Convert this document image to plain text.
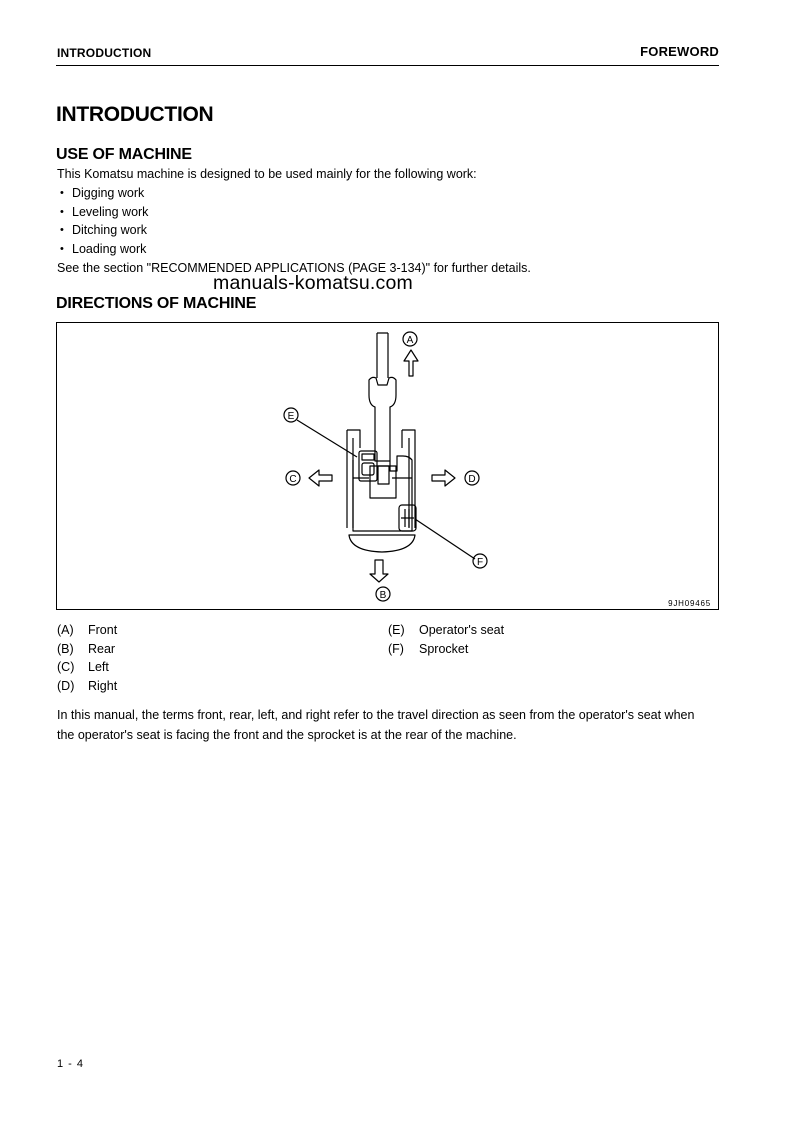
INTRODUCTION	FOREWORD
INTRODUCTION
USE OF MACHINE
This Komatsu machine is designed to be used mainly for the following work:
• Digging work
• Leveling work
• Ditching work
• Loading work
See the section "RECOMMENDED APPLICATIONS (PAGE 3-134)" for further details.
manuals-komatsu.com
DIRECTIONS OF MACHINE
A
B
C	D
E
F
9JH09465
(A)	Front
(B)	Rear
(C)	Left
(D)	Right
(E)	Operator's seat
(F)	Sprocket
In this manual, the terms front, rear, left, and right refer to the travel direction as seen from the operator's seat when
the operator's seat is facing the front and the sprocket is at the rear of the machine.
1 - 4
